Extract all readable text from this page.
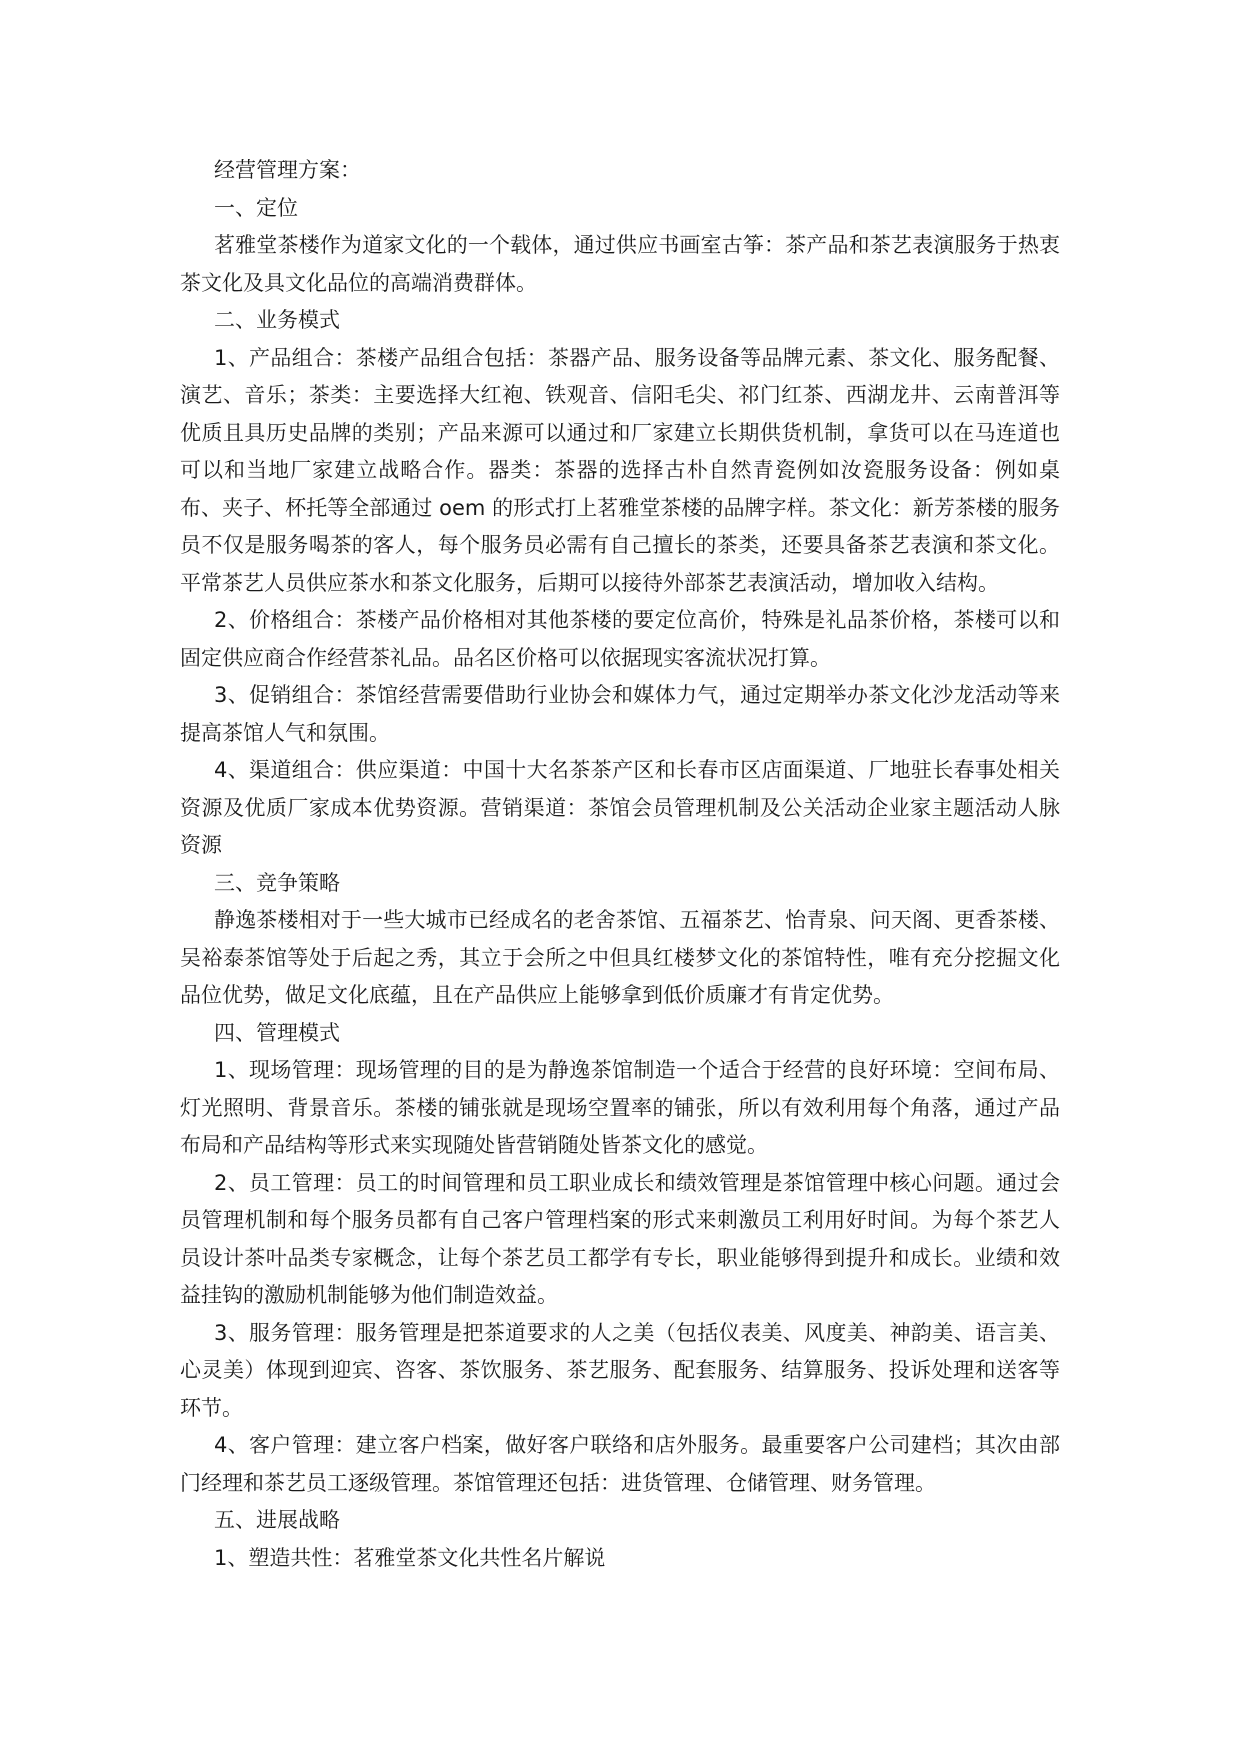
经营管理方案：

一、定位

茗雅堂茶楼作为道家文化的一个载体，通过供应书画室古筝：茶产品和茶艺表演服务于热衷茶文化及具文化品位的高端消费群体。

二、业务模式

1、产品组合：茶楼产品组合包括：茶器产品、服务设备等品牌元素、茶文化、服务配餐、演艺、音乐；茶类：主要选择大红袍、铁观音、信阳毛尖、祁门红茶、西湖龙井、云南普洱等优质且具历史品牌的类别；产品来源可以通过和厂家建立长期供货机制，拿货可以在马连道也可以和当地厂家建立战略合作。器类：茶器的选择古朴自然青瓷例如汝瓷服务设备：例如桌布、夹子、杯托等全部通过 oem 的形式打上茗雅堂茶楼的品牌字样。茶文化：新芳茶楼的服务员不仅是服务喝茶的客人，每个服务员必需有自己擅长的茶类，还要具备茶艺表演和茶文化。平常茶艺人员供应茶水和茶文化服务，后期可以接待外部茶艺表演活动，增加收入结构。

2、价格组合：茶楼产品价格相对其他茶楼的要定位高价，特殊是礼品茶价格，茶楼可以和固定供应商合作经营茶礼品。品名区价格可以依据现实客流状况打算。

3、促销组合：茶馆经营需要借助行业协会和媒体力气，通过定期举办茶文化沙龙活动等来提高茶馆人气和氛围。

4、渠道组合：供应渠道：中国十大名茶茶产区和长春市区店面渠道、厂地驻长春事处相关资源及优质厂家成本优势资源。营销渠道：茶馆会员管理机制及公关活动企业家主题活动人脉资源

三、竞争策略

静逸茶楼相对于一些大城市已经成名的老舍茶馆、五福茶艺、怡青泉、问天阁、更香茶楼、吴裕泰茶馆等处于后起之秀，其立于会所之中但具红楼梦文化的茶馆特性，唯有充分挖掘文化品位优势，做足文化底蕴，且在产品供应上能够拿到低价质廉才有肯定优势。

四、管理模式

1、现场管理：现场管理的目的是为静逸茶馆制造一个适合于经营的良好环境：空间布局、灯光照明、背景音乐。茶楼的铺张就是现场空置率的铺张，所以有效利用每个角落，通过产品布局和产品结构等形式来实现随处皆营销随处皆茶文化的感觉。

2、员工管理：员工的时间管理和员工职业成长和绩效管理是茶馆管理中核心问题。通过会员管理机制和每个服务员都有自己客户管理档案的形式来刺激员工利用好时间。为每个茶艺人员设计茶叶品类专家概念，让每个茶艺员工都学有专长，职业能够得到提升和成长。业绩和效益挂钩的激励机制能够为他们制造效益。

3、服务管理：服务管理是把茶道要求的人之美（包括仪表美、风度美、神韵美、语言美、心灵美）体现到迎宾、咨客、茶饮服务、茶艺服务、配套服务、结算服务、投诉处理和送客等环节。

4、客户管理：建立客户档案，做好客户联络和店外服务。最重要客户公司建档；其次由部门经理和茶艺员工逐级管理。茶馆管理还包括：进货管理、仓储管理、财务管理。

五、进展战略

1、塑造共性：茗雅堂茶文化共性名片解说
